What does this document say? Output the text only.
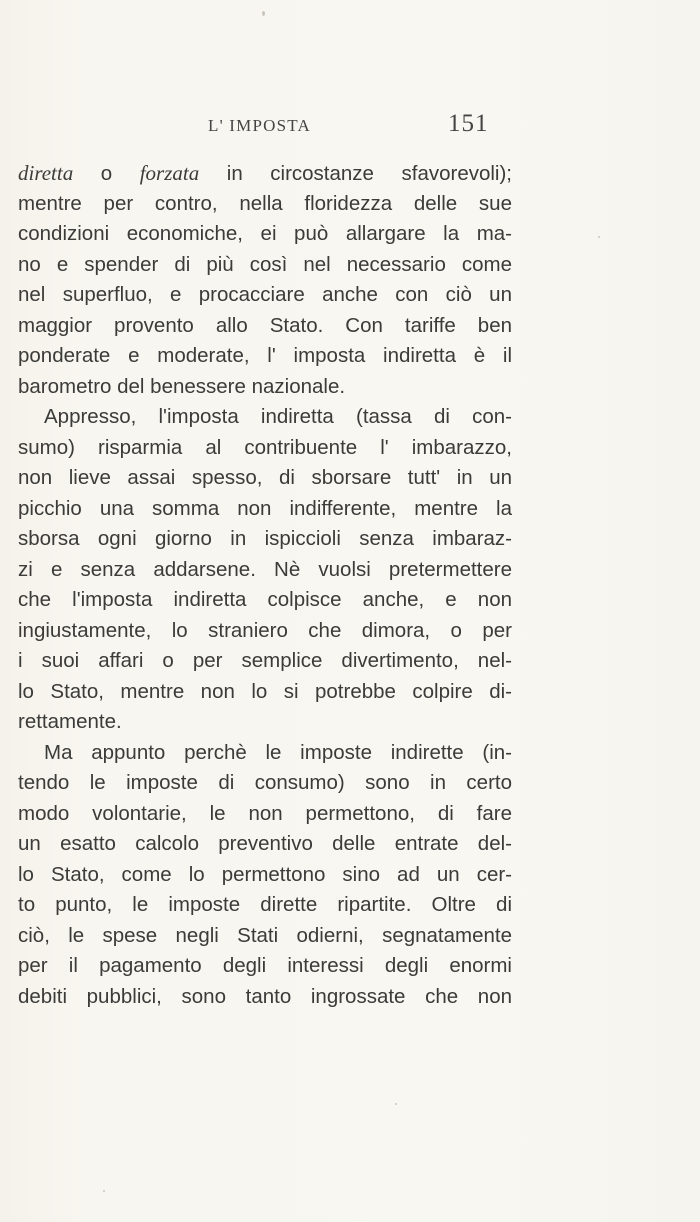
L' IMPOSTA	151
diretta o forzata in circostanze sfavorevoli);
mentre per contro, nella floridezza delle sue
condizioni economiche, ei può allargare la ma-
no e spender di più così nel necessario come
nel superfluo, e procacciare anche con ciò un
maggior provento allo Stato. Con tariffe ben
ponderate e moderate, l' imposta indiretta è il
barometro del benessere nazionale.
Appresso, l'imposta indiretta (tassa di con-
sumo) risparmia al contribuente l' imbarazzo,
non lieve assai spesso, di sborsare tutt' in un
picchio una somma non indifferente, mentre la
sborsa ogni giorno in ispiccioli senza imbaraz-
zi e senza addarsene. Nè vuolsi pretermettere
che l'imposta indiretta colpisce anche, e non
ingiustamente, lo straniero che dimora, o per
i suoi affari o per semplice divertimento, nel-
lo Stato, mentre non lo si potrebbe colpire di-
rettamente.
Ma appunto perchè le imposte indirette (in-
tendo le imposte di consumo) sono in certo
modo volontarie, le non permettono, di fare
un esatto calcolo preventivo delle entrate del-
lo Stato, come lo permettono sino ad un cer-
to punto, le imposte dirette ripartite. Oltre di
ciò, le spese negli Stati odierni, segnatamente
per il pagamento degli interessi degli enormi
debiti pubblici, sono tanto ingrossate che non
